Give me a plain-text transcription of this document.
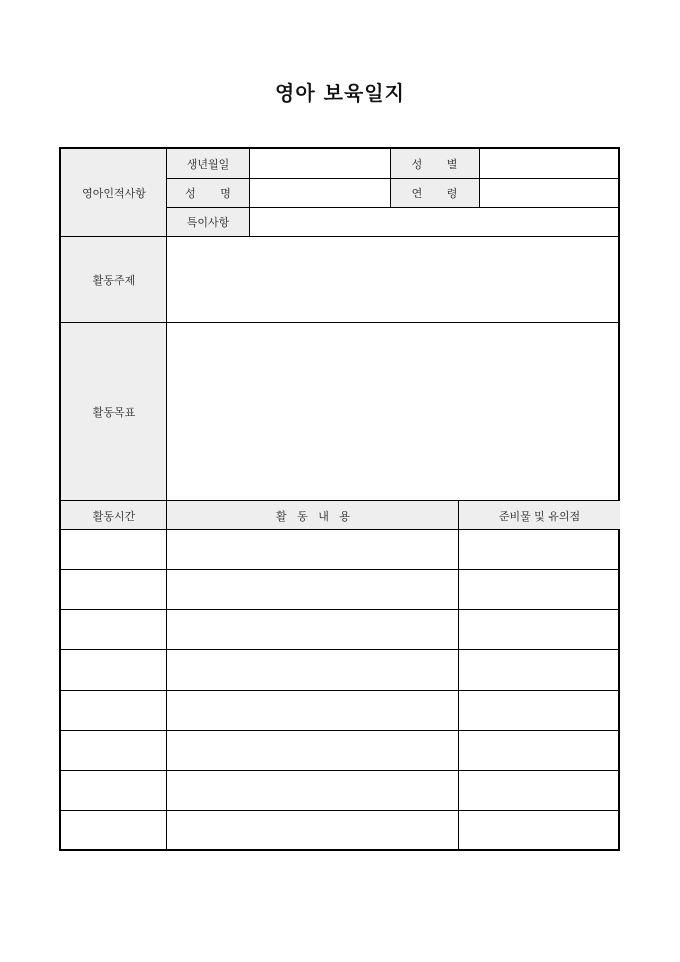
영아 보육일지
영아인적사항
생년월일	성       별
성       명	연       령
특이사항
활동주제
활동목표
활동시간	활   동   내   용	준비물 및 유의점
